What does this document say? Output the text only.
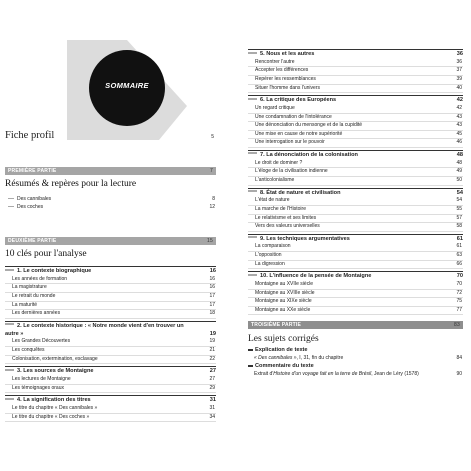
SOMMAIRE
Fiche profil	5
PREMIÈRE PARTIE	7
Résumés & repères pour la lecture
Des cannibales	8
Des coches	12
DEUXIÈME PARTIE	15
10 clés pour l'analyse
1. Le contexte biographique	16
Les années de formation	16
La magistrature	16
Le retrait du monde	17
La maturité	17
Les dernières années	18
2. Le contexte historique : « Notre monde vient d'en trouver un autre »	19
Les Grandes Découvertes	19
Les conquêtes	21
Colonisation, extermination, esclavage	22
3. Les sources de Montaigne	27
Les lectures de Montaigne	27
Les témoignages oraux	29
4. La signification des titres	31
Le titre du chapitre « Des cannibales »	31
Le titre du chapitre « Des coches »	34
5. Nous et les autres	36
Rencontrer l'autre	36
Accepter les différences	37
Repérer les ressemblances	39
Situer l'homme dans l'univers	40
6. La critique des Européens	42
Un regard critique	42
Une condamnation de l'intolérance	43
Une dénonciation du mensonge et de la cupidité	43
Une mise en cause de notre supériorité	45
Une interrogation sur le pouvoir	46
7. La dénonciation de la colonisation	48
Le droit de dominer ?	48
L'éloge de la civilisation indienne	49
L'anticolonialisme	50
8. État de nature et civilisation	54
L'état de nature	54
La marche de l'Histoire	55
Le relativisme et ses limites	57
Vers des valeurs universelles	58
9. Les techniques argumentatives	61
La comparaison	61
L'opposition	63
La digression	66
10. L'influence de la pensée de Montaigne	70
Montaigne au XVIIe siècle	70
Montaigne au XVIIIe siècle	72
Montaigne au XIXe siècle	75
Montaigne au XXe siècle	77
TROISIÈME PARTIE	83
Les sujets corrigés
Explication de texte
« Des cannibales », I, 31, fin du chapitre	84
Commentaire du texte
Extrait d'Histoire d'un voyage fait en la terre de Brésil, Jean de Léry (1578)	90
